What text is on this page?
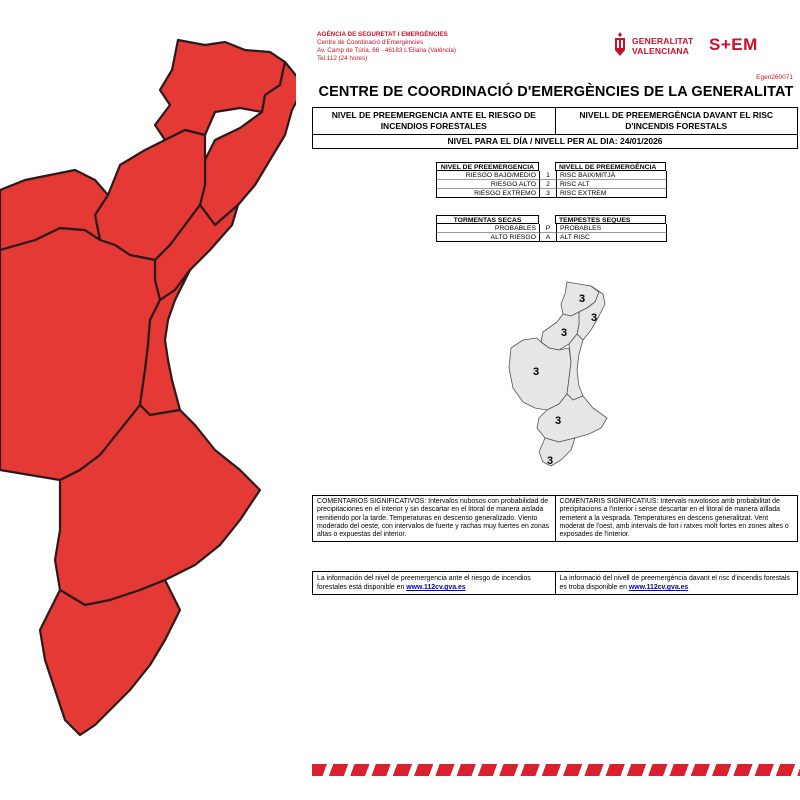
AGÈNCIA DE SEGURETAT I EMERGÈNCIES
Centre de Coordinació d'Emergències
Av. Camp de Túria, 66 · 46183 L'Eliana (València)
Tel.112 (24 hores)
GENERALITAT
VALENCIANA S+EM
Egen260071
CENTRE DE COORDINACIÓ D'EMERGÈNCIES DE LA GENERALITAT
NIVEL DE PREEMERGENCIA ANTE EL RIESGO DE INCENDIOS FORESTALES
NIVELL DE PREEMERGÈNCIA DAVANT EL RISC D'INCENDIS FORESTALS
NIVEL PARA EL DÍA / NIVELL PER AL DIA: 24/01/2026
NIVEL DE PREEMERGENCIA	NIVELL DE PREEMERGÈNCIA
RIESGO BAJO/MEDIO	1	RISC BAIX/MITJÀ
RIESGO ALTO	2	RISC ALT
RIESGO EXTREMO	3	RISC EXTREM
TORMENTAS SECAS	TEMPESTES SEQUES
PROBABLES	P	PROBABLES
ALTO RIESGO	A	ALT RISC
3
3
3
3
3
3
COMENTARIOS SIGNIFICATIVOS: Intervalos nubosos con probabilidad de precipitaciones en el interior y sin descartar en el litoral de manera aislada remitiendo por la tarde. Temperaturas en descenso generalizado. Viento moderado del oeste, con intervalos de fuerte y rachas muy fuertes en zonas altas o expuestas del interior.
COMENTARIS SIGNIFICATIUS: Intervals nuvolosos amb probabilitat de precipitacions a l'interior i sense descartar en el litoral de manera aïllada remetent a la vesprada. Temperatures en descens generalitzat. Vent moderat de l'oest, amb intervals de fort i ratxes molt fortes en zones altes o exposades de l'interior.
La información del nivel de preemergencia ante el riesgo de incendios forestales está disponible en www.112cv.gva.es
La informació del nivell de preemergència davant el risc d'incendis forestals es troba disponible en www.112cv.gva.es
